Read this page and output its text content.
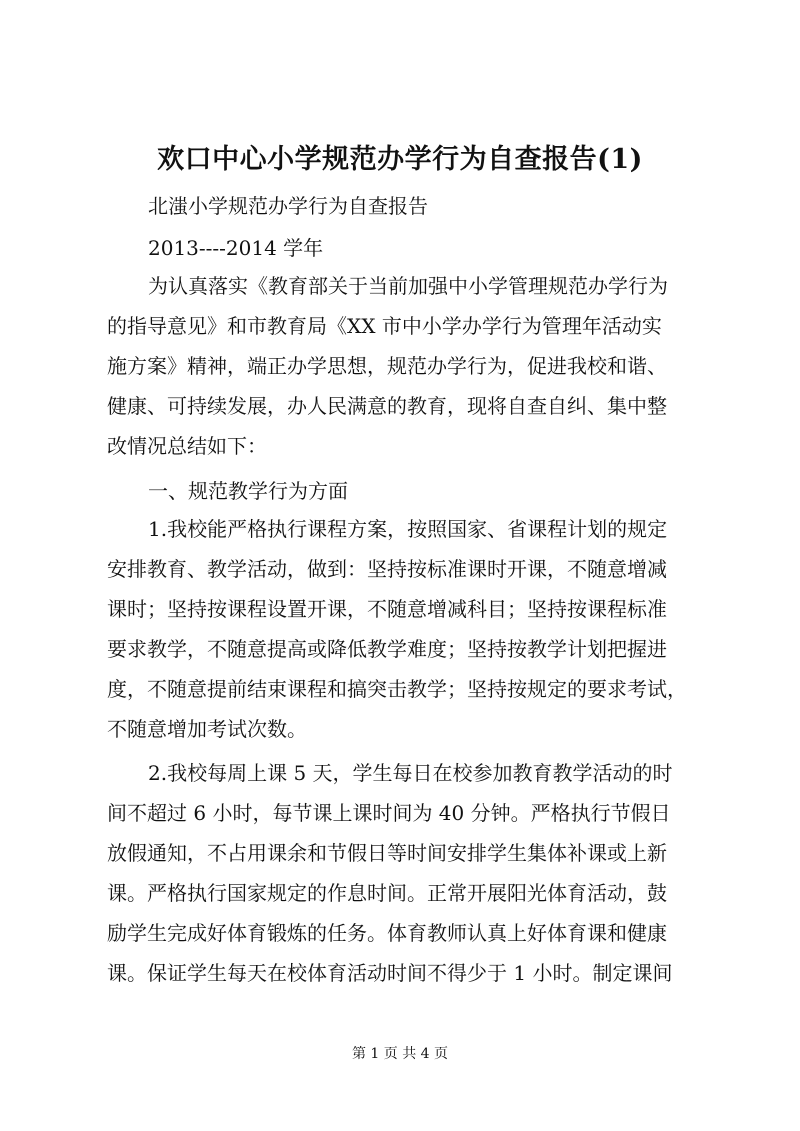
欢口中心小学规范办学行为自查报告(1)

北滍小学规范办学行为自查报告

2013----2014 学年

为认真落实《教育部关于当前加强中小学管理规范办学行为

的指导意见》和市教育局《XX 市中小学办学行为管理年活动实

施方案》精神，端正办学思想，规范办学行为，促进我校和谐、

健康、可持续发展，办人民满意的教育，现将自查自纠、集中整

改情况总结如下：

一、规范教学行为方面

1.我校能严格执行课程方案，按照国家、省课程计划的规定

安排教育、教学活动，做到：坚持按标准课时开课，不随意增减

课时；坚持按课程设置开课，不随意增减科目；坚持按课程标准

要求教学，不随意提高或降低教学难度；坚持按教学计划把握进

度，不随意提前结束课程和搞突击教学；坚持按规定的要求考试，

不随意增加考试次数。

2.我校每周上课 5 天，学生每日在校参加教育教学活动的时

间不超过 6 小时，每节课上课时间为 40 分钟。严格执行节假日

放假通知，不占用课余和节假日等时间安排学生集体补课或上新

课。严格执行国家规定的作息时间。正常开展阳光体育活动，鼓

励学生完成好体育锻炼的任务。体育教师认真上好体育课和健康

课。保证学生每天在校体育活动时间不得少于 1 小时。制定课间

第 1 页 共 4 页
